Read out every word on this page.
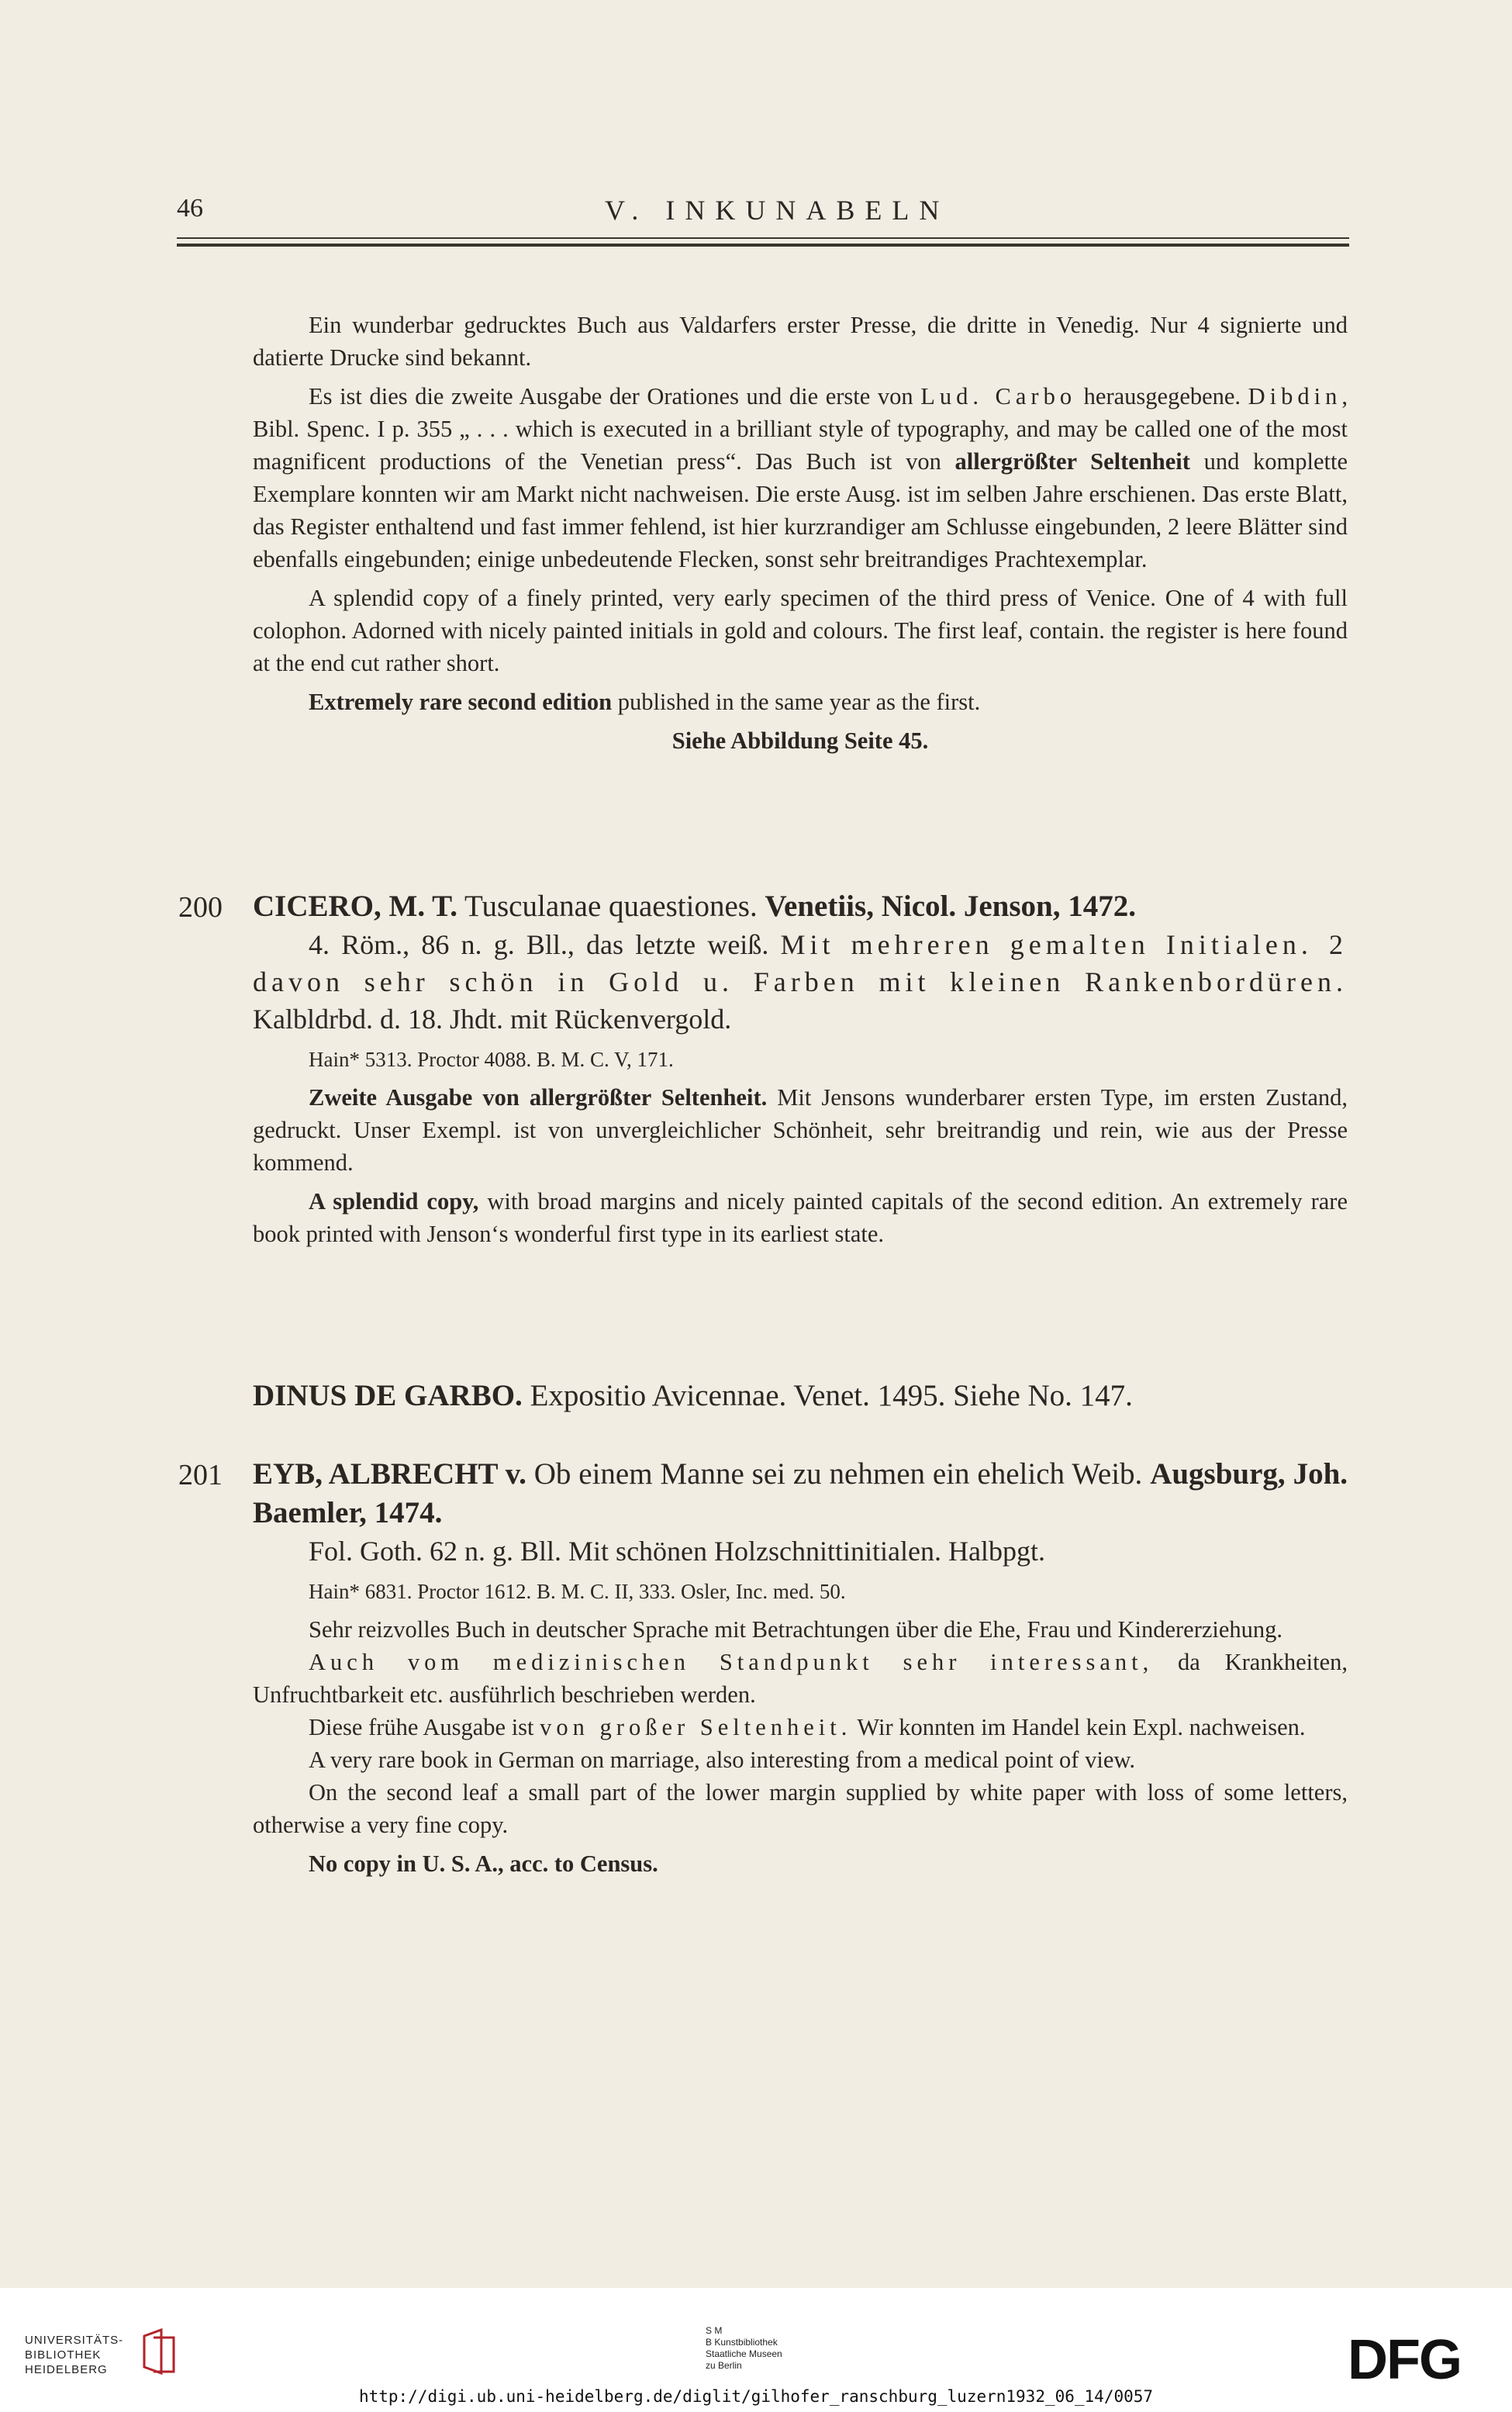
46	V. INKUNABELN

Ein wunderbar gedrucktes Buch aus Valdarfers erster Presse, die dritte in Venedig. Nur 4 signierte und datierte Drucke sind bekannt.

Es ist dies die zweite Ausgabe der Orationes und die erste von Lud. Carbo herausgegebene. Dibdin, Bibl. Spenc. I p. 355 „ . . . which is executed in a brilliant style of typography, and may be called one of the most magnificent productions of the Venetian press“. Das Buch ist von allergrößter Seltenheit und komplette Exemplare konnten wir am Markt nicht nachweisen. Die erste Ausg. ist im selben Jahre erschienen. Das erste Blatt, das Register enthaltend und fast immer fehlend, ist hier kurzrandiger am Schlusse eingebunden, 2 leere Blätter sind ebenfalls eingebunden; einige unbedeutende Flecken, sonst sehr breitrandiges Prachtexemplar.

A splendid copy of a finely printed, very early specimen of the third press of Venice. One of 4 with full colophon. Adorned with nicely painted initials in gold and colours. The first leaf, contain. the register is here found at the end cut rather short.

Extremely rare second edition published in the same year as the first.

Siehe Abbildung Seite 45.

200 CICERO, M. T. Tusculanae quaestiones. Venetiis, Nicol. Jenson, 1472.
4. Röm., 86 n. g. Bll., das letzte weiß. Mit mehreren gemalten Initialen. 2 davon sehr schön in Gold u. Farben mit kleinen Rankenbordüren. Kalbldrbd. d. 18. Jhdt. mit Rückenvergold.
Hain* 5313. Proctor 4088. B. M. C. V, 171.

Zweite Ausgabe von allergrößter Seltenheit. Mit Jensons wunderbarer ersten Type, im ersten Zustand, gedruckt. Unser Exempl. ist von unvergleichlicher Schönheit, sehr breitrandig und rein, wie aus der Presse kommend.

A splendid copy, with broad margins and nicely painted capitals of the second edition. An extremely rare book printed with Jenson‘s wonderful first type in its earliest state.

DINUS DE GARBO. Expositio Avicennae. Venet. 1495. Siehe No. 147.
201 EYB, ALBRECHT v. Ob einem Manne sei zu nehmen ein ehelich Weib. Augsburg, Joh. Baemler, 1474.
Fol. Goth. 62 n. g. Bll. Mit schönen Holzschnittinitialen. Halbpgt.
Hain* 6831. Proctor 1612. B. M. C. II, 333. Osler, Inc. med. 50.

Sehr reizvolles Buch in deutscher Sprache mit Betrachtungen über die Ehe, Frau und Kindererziehung.

Auch vom medizinischen Standpunkt sehr interessant, da Krankheiten, Unfruchtbarkeit etc. ausführlich beschrieben werden.

Diese frühe Ausgabe ist von großer Seltenheit. Wir konnten im Handel kein Expl. nachweisen.

A very rare book in German on marriage, also interesting from a medical point of view.

On the second leaf a small part of the lower margin supplied by white paper with loss of some letters, otherwise a very fine copy.

No copy in U. S. A., acc. to Census.

UNIVERSITÄTS-
BIBLIOTHEK
HEIDELBERG
S M
B Kunstbibliothek
Staatliche Museen
zu Berlin	DFG
http://digi.ub.uni-heidelberg.de/diglit/gilhofer_ranschburg_luzern1932_06_14/0057
